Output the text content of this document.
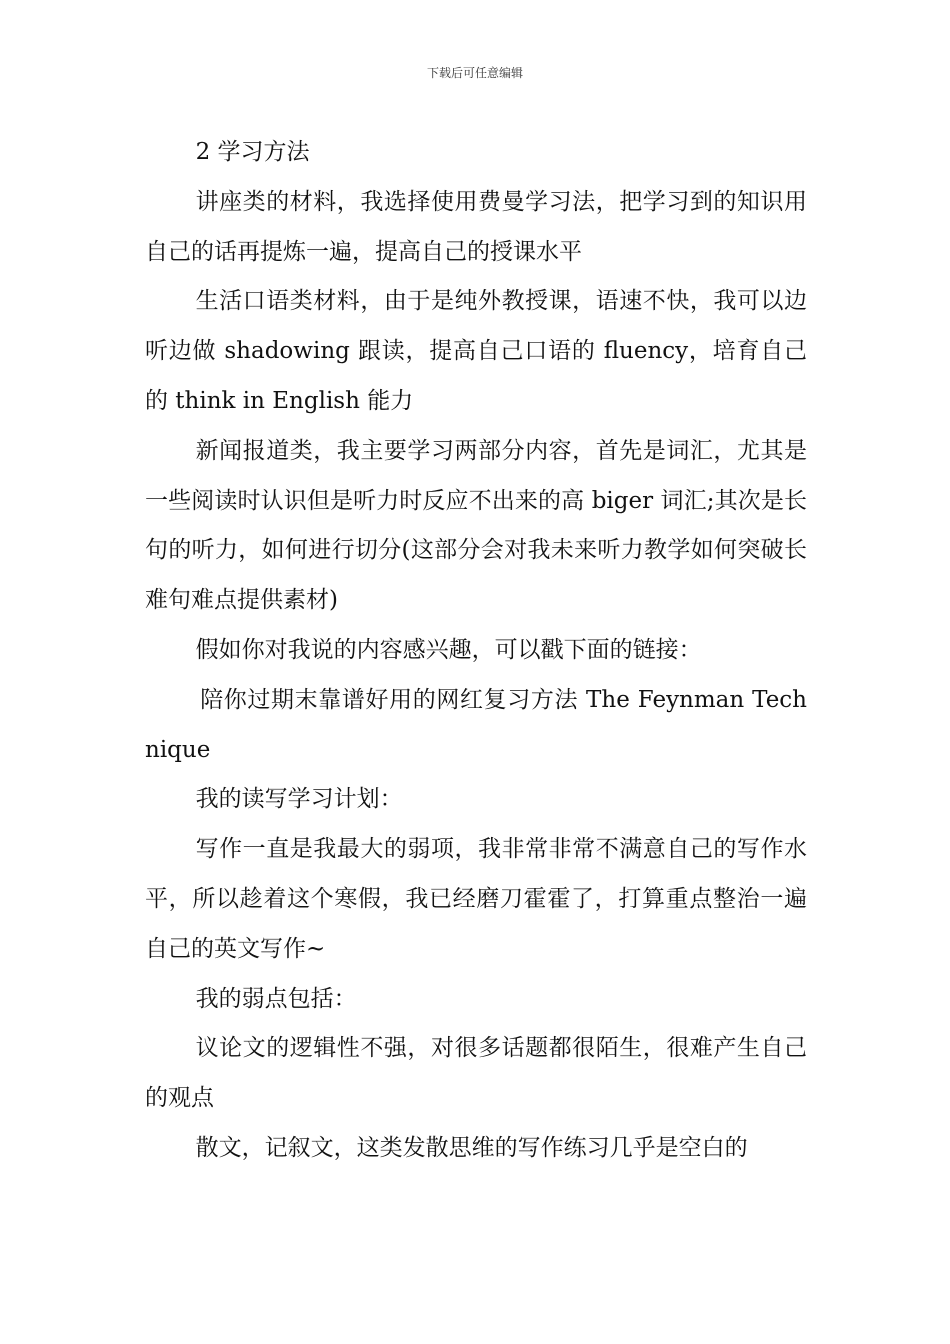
下载后可任意编辑

2 学习方法

讲座类的材料，我选择使用费曼学习法，把学习到的知识用自己的话再提炼一遍，提高自己的授课水平

生活口语类材料，由于是纯外教授课，语速不快，我可以边听边做 shadowing 跟读，提高自己口语的 fluency，培育自己的 think in English 能力

新闻报道类，我主要学习两部分内容，首先是词汇，尤其是一些阅读时认识但是听力时反应不出来的高 biger 词汇;其次是长句的听力，如何进行切分(这部分会对我未来听力教学如何突破长难句难点提供素材)

假如你对我说的内容感兴趣，可以戳下面的链接：

陪你过期末靠谱好用的网红复习方法 The Feynman Technique

我的读写学习计划：

写作一直是我最大的弱项，我非常非常不满意自己的写作水平，所以趁着这个寒假，我已经磨刀霍霍了，打算重点整治一遍自己的英文写作~

我的弱点包括：

议论文的逻辑性不强，对很多话题都很陌生，很难产生自己的观点

散文，记叙文，这类发散思维的写作练习几乎是空白的
